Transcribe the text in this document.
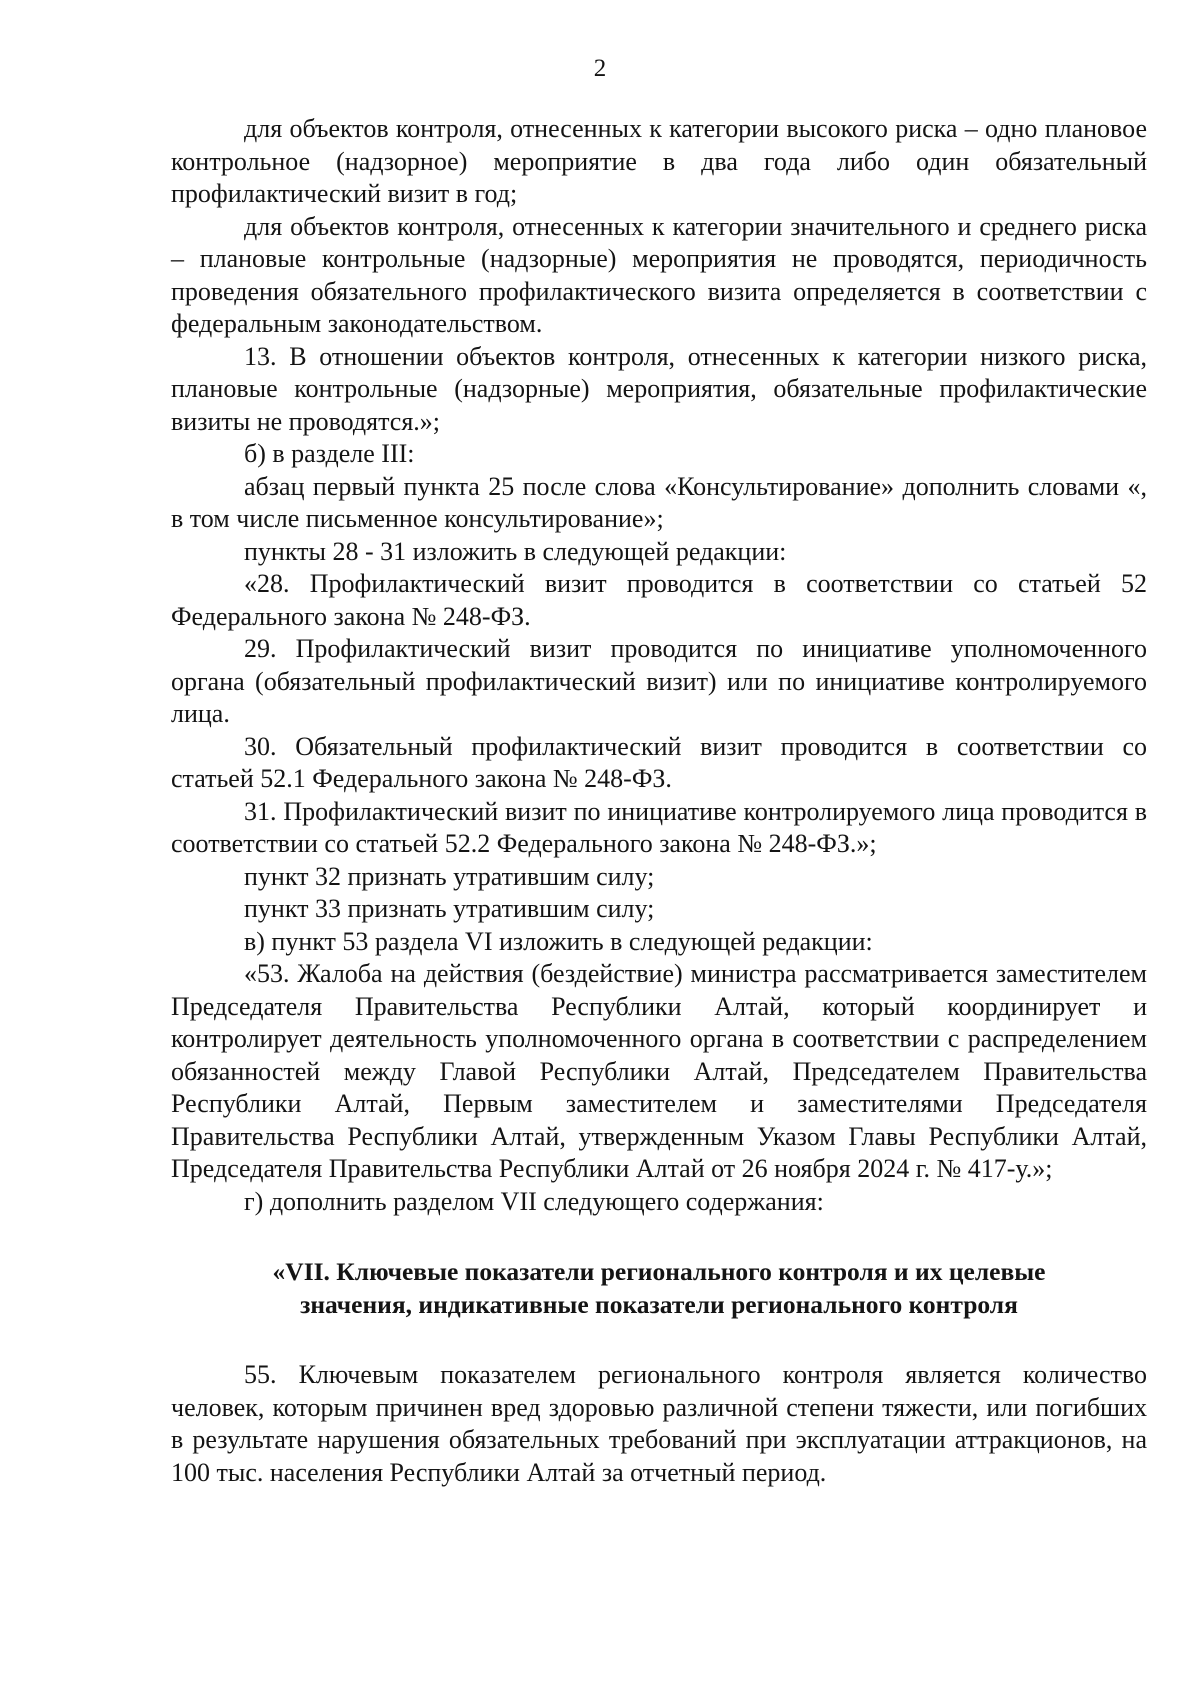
2

для объектов контроля, отнесенных к категории высокого риска – одно плановое контрольное (надзорное) мероприятие в два года либо один обязательный профилактический визит в год;

для объектов контроля, отнесенных к категории значительного и среднего риска – плановые контрольные (надзорные) мероприятия не проводятся, периодичность проведения обязательного профилактического визита определяется в соответствии с федеральным законодательством.

13. В отношении объектов контроля, отнесенных к категории низкого риска, плановые контрольные (надзорные) мероприятия, обязательные профилактические визиты не проводятся.»;

б) в разделе III:

абзац первый пункта 25 после слова «Консультирование» дополнить словами «, в том числе письменное консультирование»;

пункты 28 - 31 изложить в следующей редакции:

«28. Профилактический визит проводится в соответствии со статьей 52 Федерального закона № 248-ФЗ.

29. Профилактический визит проводится по инициативе уполномоченного органа (обязательный профилактический визит) или по инициативе контролируемого лица.

30. Обязательный профилактический визит проводится в соответствии со статьей 52.1 Федерального закона № 248-ФЗ.

31. Профилактический визит по инициативе контролируемого лица проводится в соответствии со статьей 52.2 Федерального закона № 248-ФЗ.»;

пункт 32 признать утратившим силу;

пункт 33 признать утратившим силу;

в) пункт 53 раздела VI изложить в следующей редакции:

«53. Жалоба на действия (бездействие) министра рассматривается заместителем Председателя Правительства Республики Алтай, который координирует и контролирует деятельность уполномоченного органа в соответствии с распределением обязанностей между Главой Республики Алтай, Председателем Правительства Республики Алтай, Первым заместителем и заместителями Председателя Правительства Республики Алтай, утвержденным Указом Главы Республики Алтай, Председателя Правительства Республики Алтай от 26 ноября 2024 г. № 417-у.»;

г) дополнить разделом VII следующего содержания:

«VII. Ключевые показатели регионального контроля и их целевые
значения, индикативные показатели регионального контроля

55. Ключевым показателем регионального контроля является количество человек, которым причинен вред здоровью различной степени тяжести, или погибших в результате нарушения обязательных требований при эксплуатации аттракционов, на 100 тыс. населения Республики Алтай за отчетный период.
